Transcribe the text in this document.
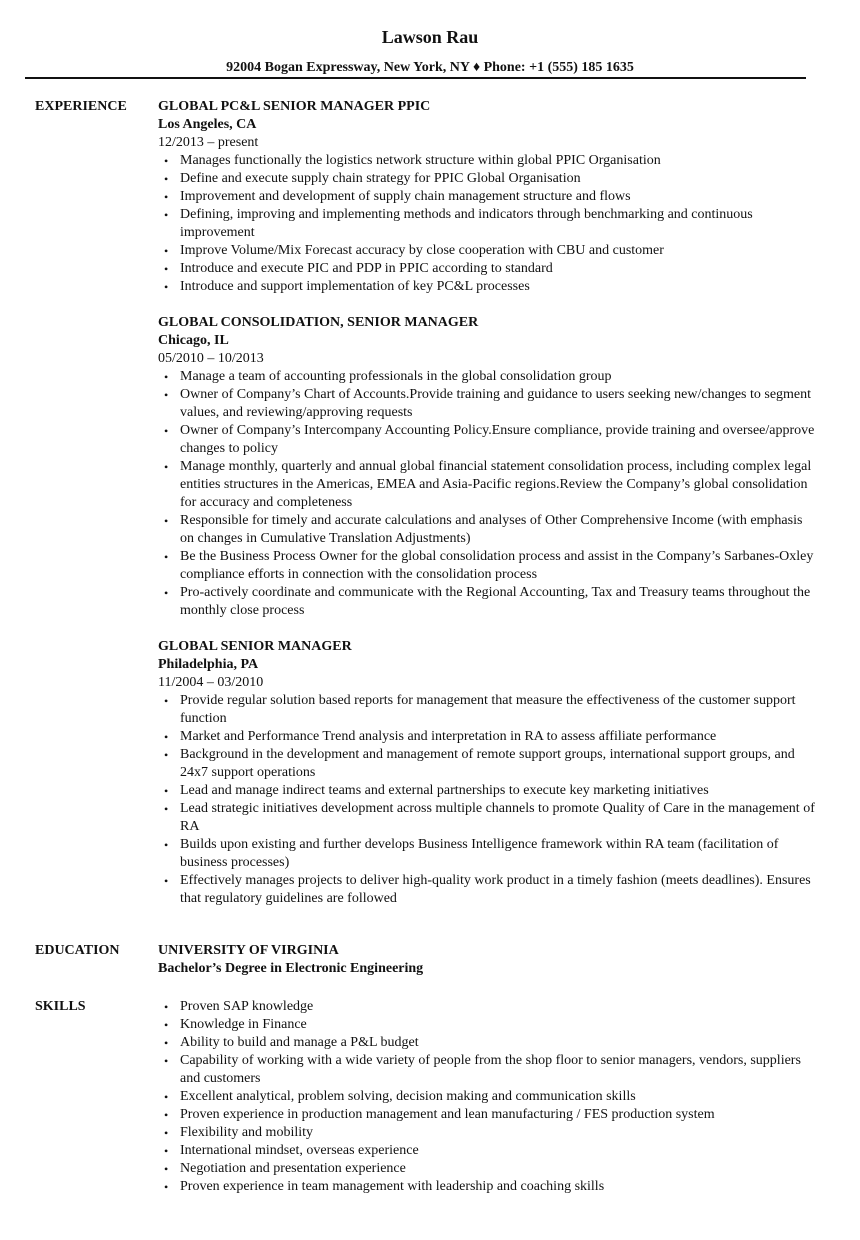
Lawson Rau
92004 Bogan Expressway, New York, NY ♦ Phone: +1 (555) 185 1635
EXPERIENCE GLOBAL PC&L SENIOR MANAGER PPIC
Los Angeles, CA
12/2013 – present
• Manages functionally the logistics network structure within global PPIC Organisation
• Define and execute supply chain strategy for PPIC Global Organisation
• Improvement and development of supply chain management structure and flows
• Defining, improving and implementing methods and indicators through benchmarking and continuous improvement
• Improve Volume/Mix Forecast accuracy by close cooperation with CBU and customer
• Introduce and execute PIC and PDP in PPIC according to standard
• Introduce and support implementation of key PC&L processes
GLOBAL CONSOLIDATION, SENIOR MANAGER
Chicago, IL
05/2010 – 10/2013
• Manage a team of accounting professionals in the global consolidation group
• Owner of Company’s Chart of Accounts.Provide training and guidance to users seeking new/changes to segment values, and reviewing/approving requests
• Owner of Company’s Intercompany Accounting Policy.Ensure compliance, provide training and oversee/approve changes to policy
• Manage monthly, quarterly and annual global financial statement consolidation process, including complex legal entities structures in the Americas, EMEA and Asia-Pacific regions.Review the Company’s global consolidation for accuracy and completeness
• Responsible for timely and accurate calculations and analyses of Other Comprehensive Income (with emphasis on changes in Cumulative Translation Adjustments)
• Be the Business Process Owner for the global consolidation process and assist in the Company’s Sarbanes-Oxley compliance efforts in connection with the consolidation process
• Pro-actively coordinate and communicate with the Regional Accounting, Tax and Treasury teams throughout the monthly close process
GLOBAL SENIOR MANAGER
Philadelphia, PA
11/2004 – 03/2010
• Provide regular solution based reports for management that measure the effectiveness of the customer support function
• Market and Performance Trend analysis and interpretation in RA to assess affiliate performance
• Background in the development and management of remote support groups, international support groups, and 24x7 support operations
• Lead and manage indirect teams and external partnerships to execute key marketing initiatives
• Lead strategic initiatives development across multiple channels to promote Quality of Care in the management of RA
• Builds upon existing and further develops Business Intelligence framework within RA team (facilitation of business processes)
• Effectively manages projects to deliver high-quality work product in a timely fashion (meets deadlines). Ensures that regulatory guidelines are followed
EDUCATION	UNIVERSITY OF VIRGINIA
Bachelor’s Degree in Electronic Engineering
SKILLS	• Proven SAP knowledge
• Knowledge in Finance
• Ability to build and manage a P&L budget
• Capability of working with a wide variety of people from the shop floor to senior managers, vendors, suppliers and customers
• Excellent analytical, problem solving, decision making and communication skills
• Proven experience in production management and lean manufacturing / FES production system
• Flexibility and mobility
• International mindset, overseas experience
• Negotiation and presentation experience
• Proven experience in team management with leadership and coaching skills
